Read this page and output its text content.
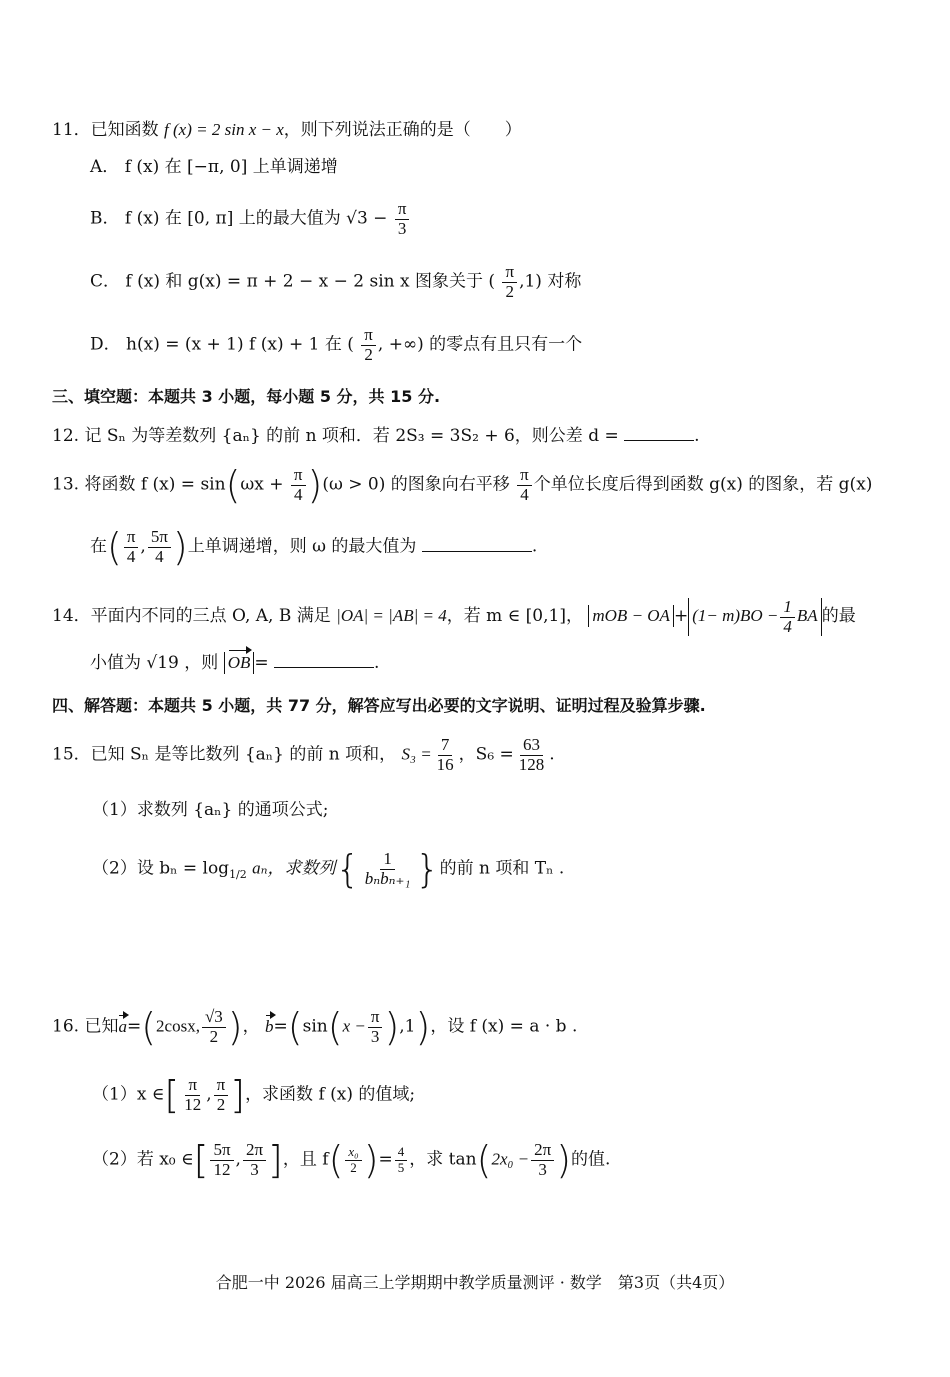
11．已知函数 f (x) = 2 sin x − x，则下列说法正确的是（　　）
A． f (x) 在 [−π, 0] 上单调递增
B． f (x) 在 [0, π] 上的最大值为 $√3 - \frac{\pi}{3}$
C． f (x) 和 g(x) = π + 2 − x − 2 sin x 图象关于 ( $\frac{\pi}{2} ,1$) 对称
D． h(x) = (x + 1) f (x) + 1 在 ( $\frac{\pi}{2}$ , +∞) 的零点有且只有一个
三、填空题：本题共 3 小题，每小题 5 分，共 15 分.
12. 记 Sₙ 为等差数列 {aₙ} 的前 n 项和．若 2S₃ = 3S₂ + 6，则公差 d =	.
13. 将函数 f $(x) = \sin(\omega x + \frac{\pi}{4} )(\omega > 0)$ 的图象向右平移 $\frac{\pi}{4}$ 个单位长度后得到函数 g(x) 的图象，若 g(x)
在( $\frac{\pi}{4}$ , $\frac{5\pi}{4}$ )上单调递增，则 ω 的最大值为	.
14．平面内不同的三点 O, A, B 满足 |OA| = |AB| = 4，若 m ∈ [0,1]， mOB − OA + $(1- m)BO - \frac{1}{4}$ BA 的最
小值为 √19 ，则 OB =	.
四、解答题：本题共 5 小题，共 77 分，解答应写出必要的文字说明、证明过程及验算步骤.
15．已知 Sₙ 是等比数列 {aₙ} 的前 n 项和， $S_3 = \frac{7}{16}$ ，$S_6 = \frac{63}{128}$ .
（1）求数列 {aₙ} 的通项公式;
（2）设 $b_n = \log_{1/2} a_n$，求数列{ $\frac{1}{\text{bₙbₙ₊₁}}$ }的前 n 项和 Tₙ .
16. 已知a=(2cosx, $\frac{√3}{2}$ )， $b=(\sin(x - \frac{\pi}{3} ),1)$，设 f (x) = a · b .
（1）x ∈[ $\frac{\pi}{12}$ , $\frac{\pi}{2}$ ]，求函数 f (x) 的值域;
（2）若 x₀ ∈[ $\frac{5\pi}{12}$ , $\frac{2\pi}{3}$ ]，且 $f( \frac{\text{x₀}}{2}$ )= $\frac{4}{5}$ ，求 $\tan(2x_0 - \frac{2\pi}{3}$ )的值.
合肥一中 2026 届高三上学期期中教学质量测评 · 数学　第3页（共4页）
